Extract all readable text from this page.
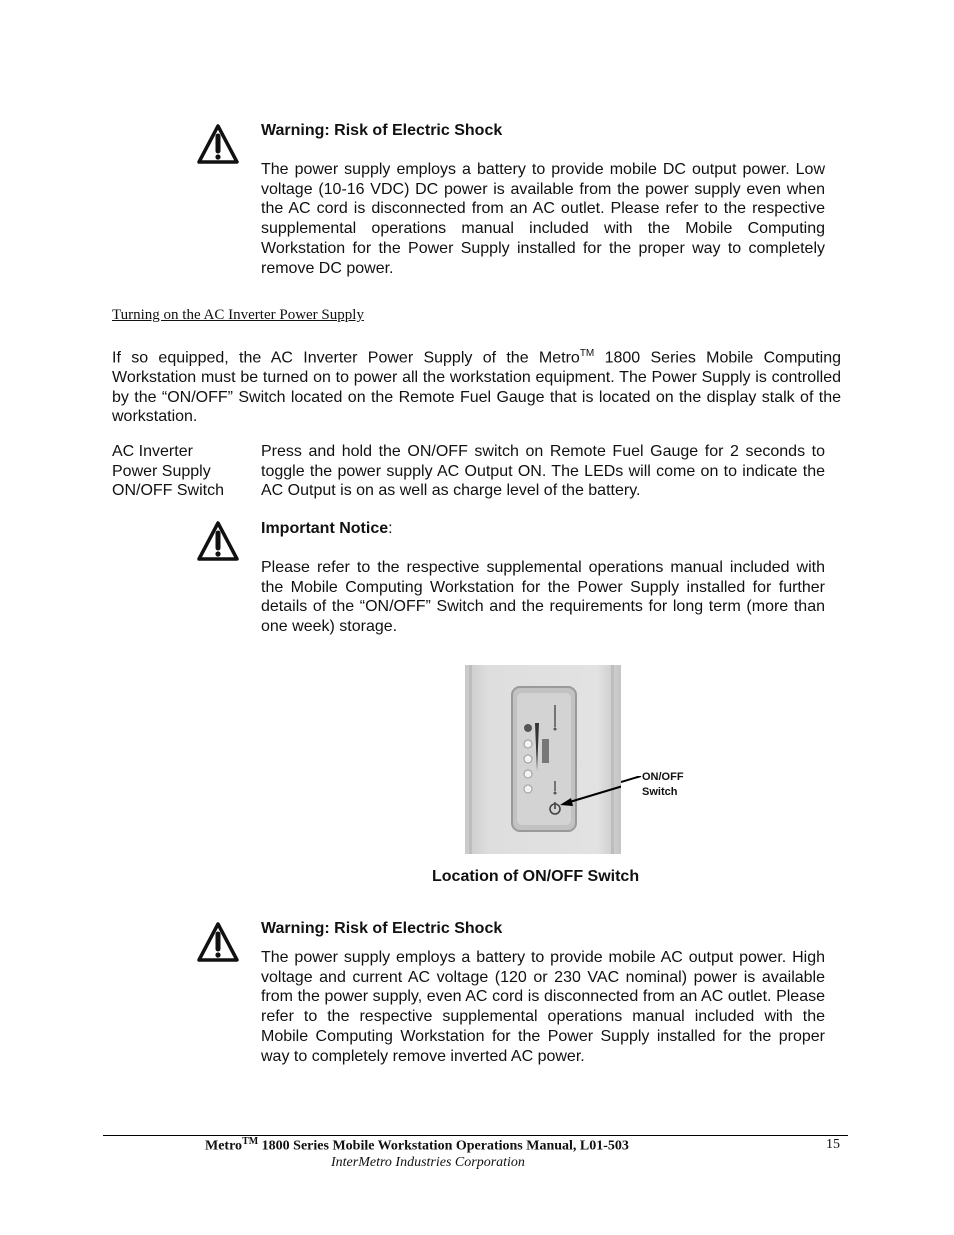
Warning: Risk of Electric Shock

The power supply employs a battery to provide mobile DC output power. Low voltage (10-16 VDC) DC power is available from the power supply even when the AC cord is disconnected from an AC outlet. Please refer to the respective supplemental operations manual included with the Mobile Computing Workstation for the Power Supply installed for the proper way to completely remove DC power.

Turning on the AC Inverter Power Supply

If so equipped, the AC Inverter Power Supply of the Metro™ 1800 Series Mobile Computing Workstation must be turned on to power all the workstation equipment. The Power Supply is controlled by the “ON/OFF” Switch located on the Remote Fuel Gauge that is located on the display stalk of the workstation.

AC Inverter
Power Supply
ON/OFF Switch

Press and hold the ON/OFF switch on Remote Fuel Gauge for 2 seconds to toggle the power supply AC Output ON. The LEDs will come on to indicate the AC Output is on as well as charge level of the battery.

Important Notice:

Please refer to the respective supplemental operations manual included with the Mobile Computing Workstation for the Power Supply installed for further details of the “ON/OFF” Switch and the requirements for long term (more than one week) storage.

ON/OFF
Switch
Location of ON/OFF Switch
Warning: Risk of Electric Shock

The power supply employs a battery to provide mobile AC output power. High voltage and current AC voltage (120 or 230 VAC nominal) power is available from the power supply, even AC cord is disconnected from an AC outlet. Please refer to the respective supplemental operations manual included with the Mobile Computing Workstation for the Power Supply installed for the proper way to completely remove inverted AC power.

Metro™ 1800 Series Mobile Workstation Operations Manual, L01-503
InterMetro Industries Corporation
15
